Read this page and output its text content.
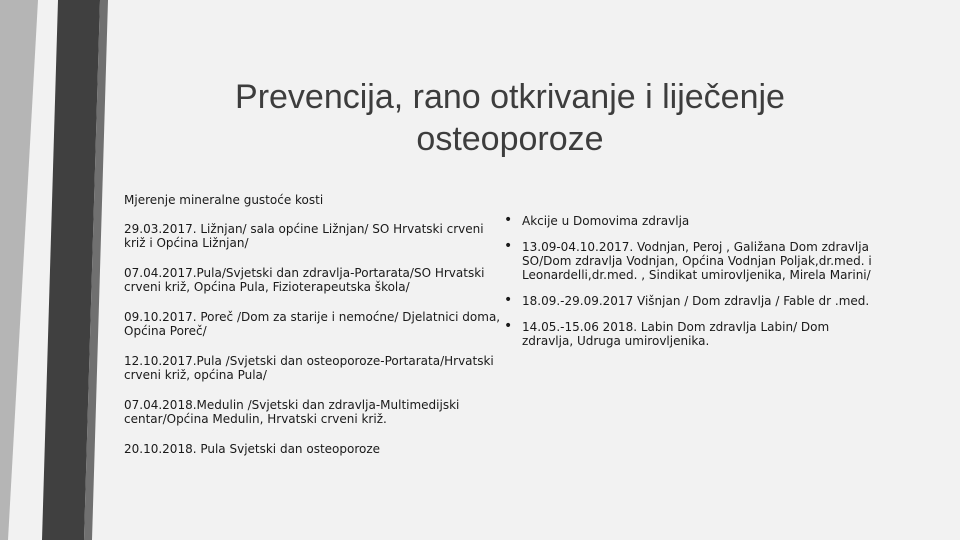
Prevencija, rano otkrivanje i liječenje osteoporoze

Mjerenje mineralne gustoće kosti

29.03.2017. Ližnjan/ sala općine Ližnjan/ SO Hrvatski crveni križ i Općina Ližnjan/

07.04.2017.Pula/Svjetski dan zdravlja-Portarata/SO Hrvatski crveni križ, Općina Pula, Fizioterapeutska škola/

09.10.2017. Poreč /Dom za starije i nemoćne/ Djelatnici doma, Općina Poreč/

12.10.2017.Pula /Svjetski dan osteoporoze-Portarata/Hrvatski crveni križ, općina Pula/

07.04.2018.Medulin /Svjetski dan zdravlja-Multimedijski centar/Općina Medulin, Hrvatski crveni križ.

20.10.2018. Pula Svjetski dan osteoporoze

• Akcije u Domovima zdravlja
• 13.09-04.10.2017. Vodnjan, Peroj , Galižana Dom zdravlja SO/Dom zdravlja Vodnjan, Općina Vodnjan Poljak,dr.med. i Leonardelli,dr.med. , Sindikat umirovljenika, Mirela Marini/
• 18.09.-29.09.2017 Višnjan / Dom zdravlja / Fable dr .med.
• 14.05.-15.06 2018. Labin Dom zdravlja Labin/ Dom zdravlja, Udruga umirovljenika.
